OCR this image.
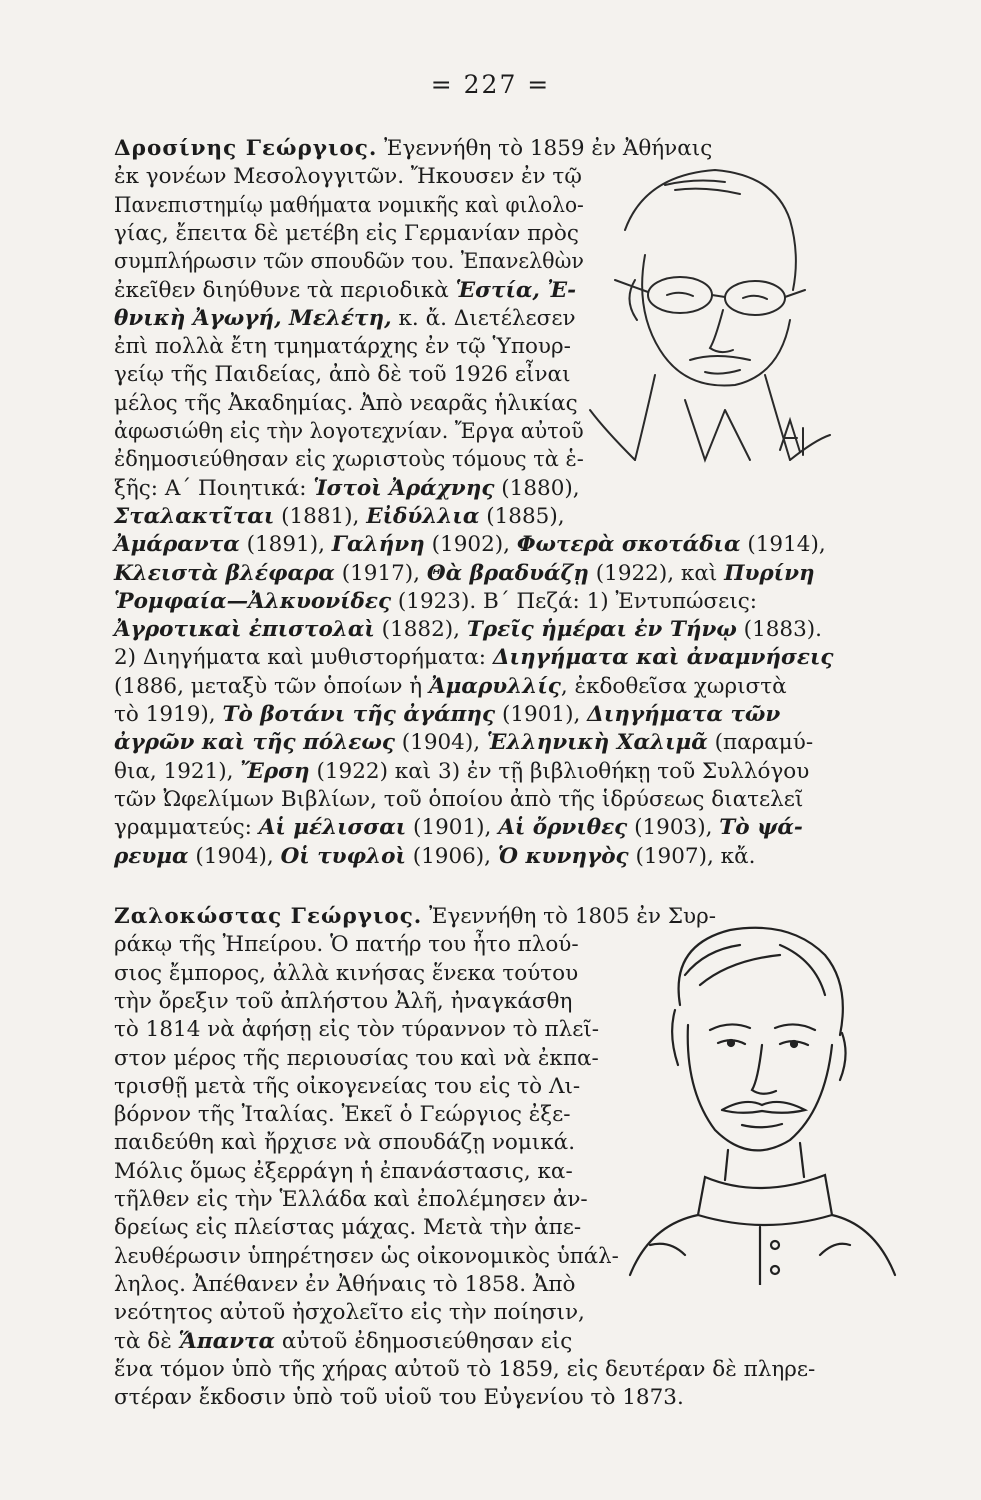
= 227 =
Δροσίνης Γεώργιος. Ἐγεννήθη τὸ 1859 ἐν Ἀθήναις
ἐκ γονέων Μεσολογγιτῶν. Ἤκουσεν ἐν τῷ
Πανεπιστημίῳ μαθήματα νομικῆς καὶ φιλολο-
γίας, ἔπειτα δὲ μετέβη εἰς Γερμανίαν πρὸς
συμπλήρωσιν τῶν σπουδῶν του. Ἐπανελθὼν
ἐκεῖθεν διηύθυνε τὰ περιοδικὰ Ἑστία, Ἐ-
θνικὴ Ἀγωγή, Μελέτη, κ. ἄ. Διετέλεσεν
ἐπὶ πολλὰ ἔτη τμηματάρχης ἐν τῷ Ὑπουρ-
γείῳ τῆς Παιδείας, ἀπὸ δὲ τοῦ 1926 εἶναι
μέλος τῆς Ἀκαδημίας. Ἀπὸ νεαρᾶς ἡλικίας
ἀφωσιώθη εἰς τὴν λογοτεχνίαν. Ἔργα αὐτοῦ
ἐδημοσιεύθησαν εἰς χωριστοὺς τόμους τὰ ἑ-
ξῆς: Α΄ Ποιητικά: Ἱστοὶ Ἀράχνης (1880),
Σταλακτῖται (1881), Εἰδύλλια (1885),
Ἀμάραντα (1891), Γαλήνη (1902), Φωτερὰ σκοτάδια (1914),
Κλειστὰ βλέφαρα (1917), Θὰ βραδυάζῃ (1922), καὶ Πυρίνη
Ῥομφαία—Ἀλκυονίδες (1923). Β΄ Πεζά: 1) Ἐντυπώσεις:
Ἀγροτικαὶ ἐπιστολαὶ (1882), Τρεῖς ἡμέραι ἐν Τήνῳ (1883).
2) Διηγήματα καὶ μυθιστορήματα: Διηγήματα καὶ ἀναμνήσεις
(1886, μεταξὺ τῶν ὁποίων ἡ Ἀμαρυλλίς, ἐκδοθεῖσα χωριστὰ
τὸ 1919), Τὸ βοτάνι τῆς ἀγάπης (1901), Διηγήματα τῶν
ἀγρῶν καὶ τῆς πόλεως (1904), Ἑλληνικὴ Χαλιμᾶ (παραμύ-
θια, 1921), Ἔρση (1922) καὶ 3) ἐν τῇ βιβλιοθήκῃ τοῦ Συλλόγου
τῶν Ὠφελίμων Βιβλίων, τοῦ ὁποίου ἀπὸ τῆς ἱδρύσεως διατελεῖ
γραμματεύς: Αἱ μέλισσαι (1901), Αἱ ὄρνιθες (1903), Τὸ ψά-
ρευμα (1904), Οἱ τυφλοὶ (1906), Ὁ κυνηγὸς (1907), κἄ.
Ζαλοκώστας Γεώργιος. Ἐγεννήθη τὸ 1805 ἐν Συρ-
ράκῳ τῆς Ἠπείρου. Ὁ πατήρ του ἦτο πλού-
σιος ἔμπορος, ἀλλὰ κινήσας ἕνεκα τούτου
τὴν ὄρεξιν τοῦ ἀπλήστου Ἀλῆ, ἠναγκάσθη
τὸ 1814 νὰ ἀφήσῃ εἰς τὸν τύραννον τὸ πλεῖ-
στον μέρος τῆς περιουσίας του καὶ νὰ ἐκπα-
τρισθῇ μετὰ τῆς οἰκογενείας του εἰς τὸ Λι-
βόρνον τῆς Ἰταλίας. Ἐκεῖ ὁ Γεώργιος ἐξε-
παιδεύθη καὶ ἤρχισε νὰ σπουδάζῃ νομικά.
Μόλις ὅμως ἐξερράγη ἡ ἐπανάστασις, κα-
τῆλθεν εἰς τὴν Ἑλλάδα καὶ ἐπολέμησεν ἀν-
δρείως εἰς πλείστας μάχας. Μετὰ τὴν ἀπε-
λευθέρωσιν ὑπηρέτησεν ὡς οἰκονομικὸς ὑπάλ-
ληλος. Ἀπέθανεν ἐν Ἀθήναις τὸ 1858. Ἀπὸ
νεότητος αὐτοῦ ἠσχολεῖτο εἰς τὴν ποίησιν,
τὰ δὲ Ἅπαντα αὐτοῦ ἐδημοσιεύθησαν εἰς
ἕνα τόμον ὑπὸ τῆς χήρας αὐτοῦ τὸ 1859, εἰς δευτέραν δὲ πληρε-
στέραν ἔκδοσιν ὑπὸ τοῦ υἱοῦ του Εὐγενίου τὸ 1873.
